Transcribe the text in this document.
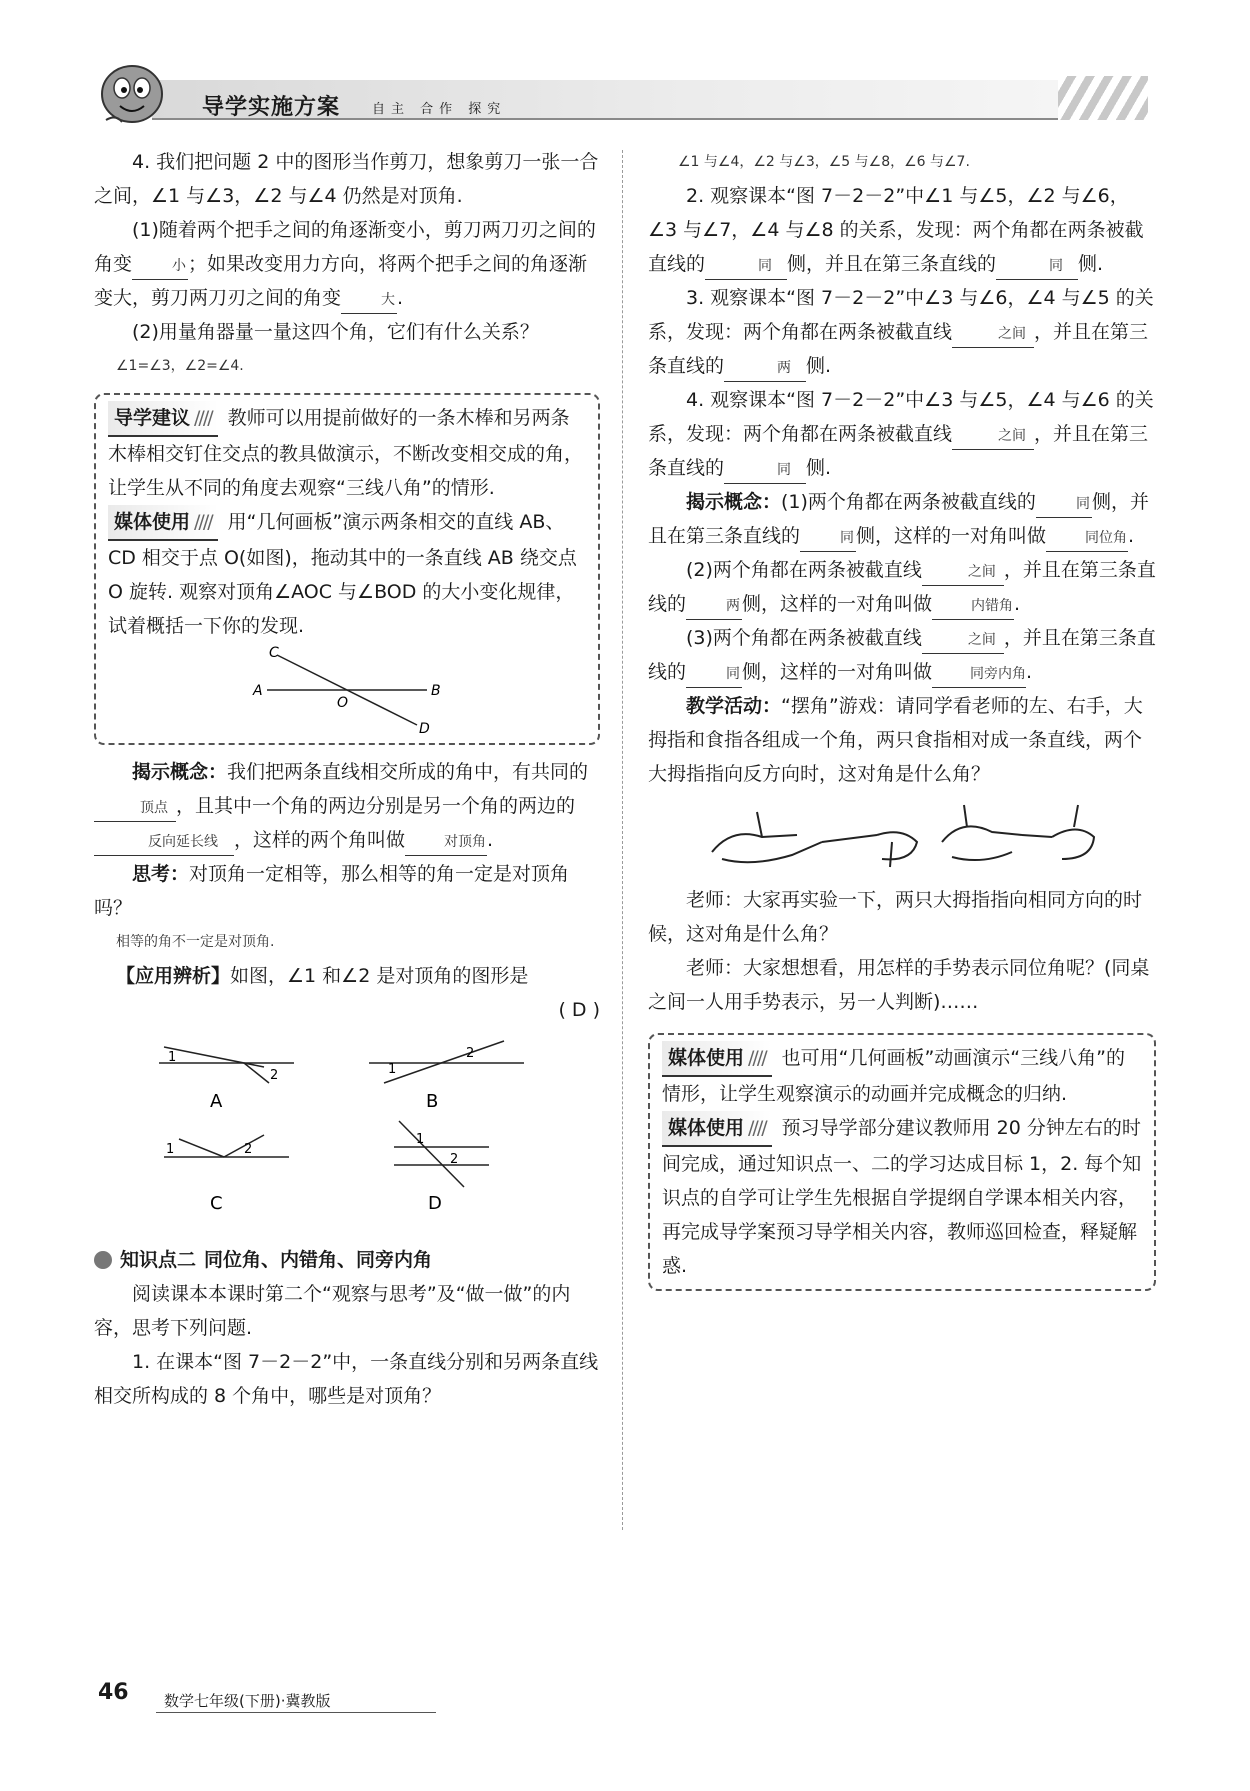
导学实施方案 自主 合作 探究

4. 我们把问题 2 中的图形当作剪刀，想象剪刀一张一合之间，∠1 与∠3，∠2 与∠4 仍然是对顶角.

(1)随着两个把手之间的角逐渐变小，剪刀两刀刃之间的角变	小 ；如果改变用力方向，将两个把手之间的角逐渐变大，剪刀两刀刃之间的角变	大 .

(2)用量角器量一量这四个角，它们有什么关系？

∠1=∠3，∠2=∠4.

导学建议 //// 教师可以用提前做好的一条木棒和另两条木棒相交钉住交点的教具做演示，不断改变相交成的角，让学生从不同的角度去观察“三线八角”的情形.

媒体使用 //// 用“几何画板”演示两条相交的直线 AB、CD 相交于点 O(如图)，拖动其中的一条直线 AB 绕交点 O 旋转. 观察对顶角∠AOC 与∠BOD 的大小变化规律，试着概括一下你的发现.

C
A
O
B
D

揭示概念：我们把两条直线相交所成的角中，有共同的顶点 ，且其中一个角的两边分别是另一个角的两边的反向延长线 ，这样的两个角叫做	对顶角.

思考：对顶角一定相等，那么相等的角一定是对顶角吗？

相等的角不一定是对顶角.

【应用辨析】如图，∠1 和∠2 是对顶角的图形是

( D )

1
2
A
1
2
B
1	2
C
1
2
D
知识点二 同位角、内错角、同旁内角

阅读课本本课时第二个“观察与思考”及“做一做”的内容，思考下列问题.

1. 在课本“图 7－2－2”中，一条直线分别和另两条直线相交所构成的 8 个角中，哪些是对顶角？

∠1 与∠4，∠2 与∠3，∠5 与∠8，∠6 与∠7.

2. 观察课本“图 7－2－2”中∠1 与∠5，∠2 与∠6，∠3 与∠7，∠4 与∠8 的关系，发现：两个角都在两条被截直线的	同 侧，并且在第三条直线的	同 侧.

3. 观察课本“图 7－2－2”中∠3 与∠6，∠4 与∠5 的关系，发现：两个角都在两条被截直线	之间 ，并且在第三条直线的	两 侧.

4. 观察课本“图 7－2－2”中∠3 与∠5，∠4 与∠6 的关系，发现：两个角都在两条被截直线	之间 ，并且在第三条直线的	同 侧.

揭示概念：(1)两个角都在两条被截直线的	同 侧，并且在第三条直线的	同 侧，这样的一对角叫做	同位角.

(2)两个角都在两条被截直线	之间 ，并且在第三条直线的	两 侧，这样的一对角叫做	内错角.

(3)两个角都在两条被截直线	之间 ，并且在第三条直线的	同 侧，这样的一对角叫做	同旁内角.

教学活动：“摆角”游戏：请同学看老师的左、右手，大拇指和食指各组成一个角，两只食指相对成一条直线，两个大拇指指向反方向时，这对角是什么角？

老师：大家再实验一下，两只大拇指指向相同方向的时候，这对角是什么角？

老师：大家想想看，用怎样的手势表示同位角呢？(同桌之间一人用手势表示，另一人判断)……

媒体使用 //// 也可用“几何画板”动画演示“三线八角”的情形，让学生观察演示的动画并完成概念的归纳.

媒体使用 //// 预习导学部分建议教师用 20 分钟左右的时间完成，通过知识点一、二的学习达成目标 1，2. 每个知识点的自学可让学生先根据自学提纲自学课本相关内容，再完成导学案预习导学相关内容，教师巡回检查，释疑解惑.

46 数学七年级(下册)·冀教版
